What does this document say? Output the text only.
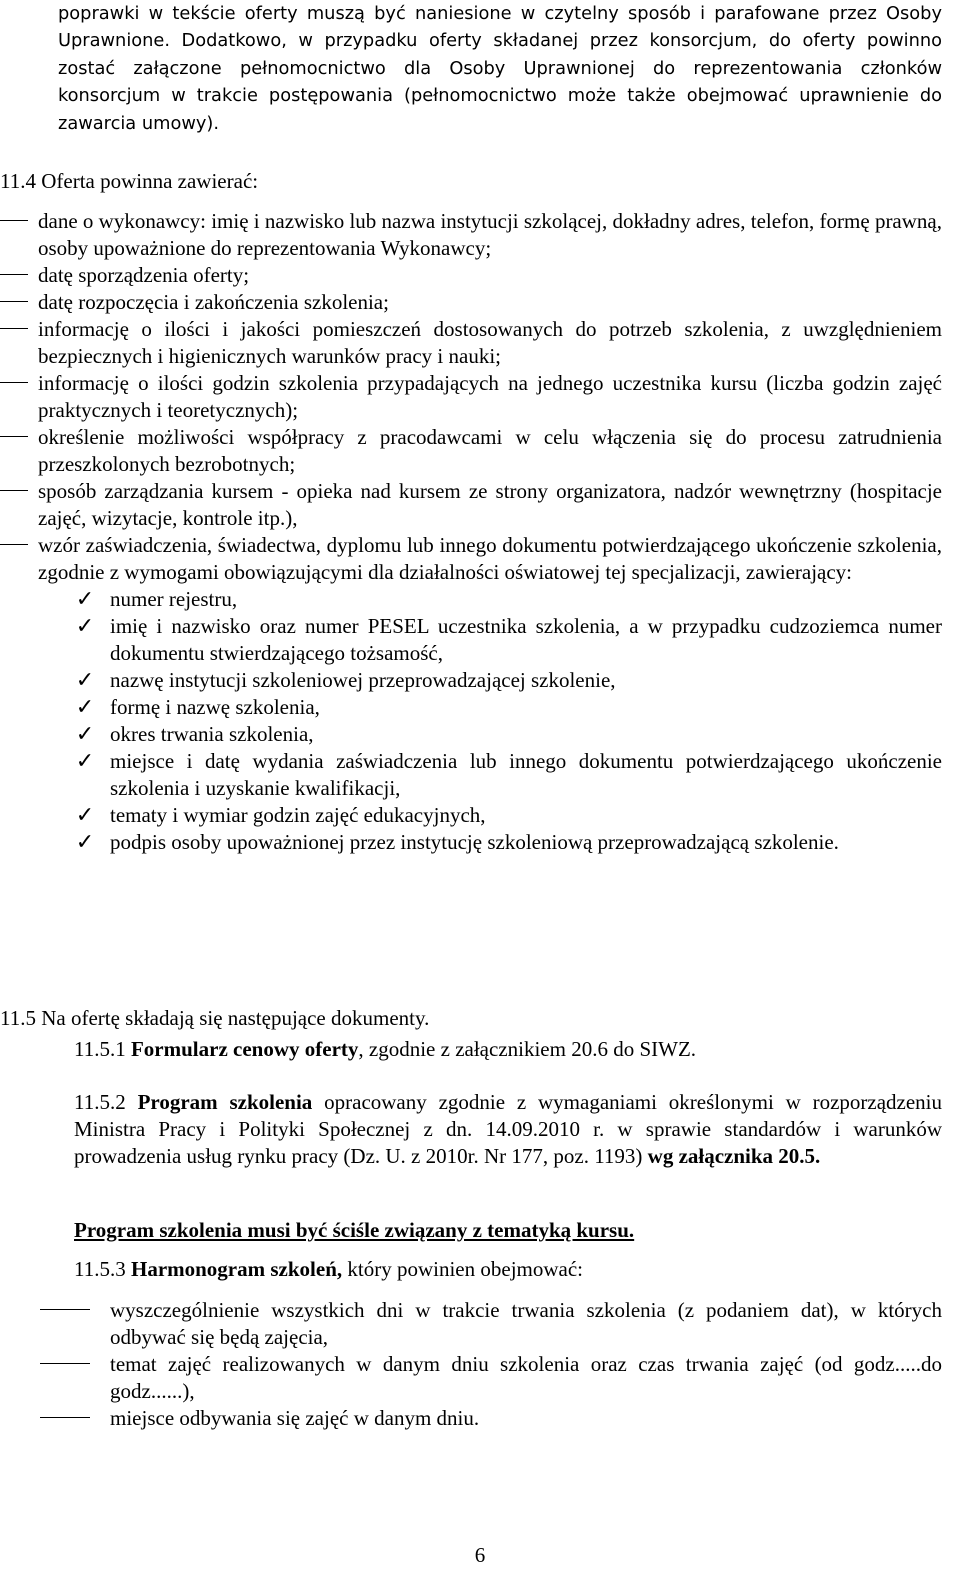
poprawki w tekście oferty muszą być naniesione w czytelny sposób i parafowane przez Osoby Uprawnione. Dodatkowo, w przypadku oferty składanej przez konsorcjum, do oferty powinno zostać załączone pełnomocnictwo dla Osoby Uprawnionej do reprezentowania członków konsorcjum w trakcie postępowania (pełnomocnictwo może także obejmować uprawnienie do zawarcia umowy).

11.4 Oferta powinna zawierać:

dane o wykonawcy: imię i nazwisko lub nazwa instytucji szkolącej, dokładny adres, telefon, formę prawną, osoby upoważnione do reprezentowania Wykonawcy;
datę sporządzenia oferty;
datę rozpoczęcia i zakończenia szkolenia;
informację o ilości i jakości pomieszczeń dostosowanych do potrzeb szkolenia, z uwzględnieniem bezpiecznych i higienicznych warunków pracy i nauki;
informację o ilości godzin szkolenia przypadających na jednego uczestnika kursu (liczba godzin zajęć praktycznych i teoretycznych);
określenie możliwości współpracy z pracodawcami w celu włączenia się do procesu zatrudnienia przeszkolonych bezrobotnych;
sposób zarządzania kursem - opieka nad kursem ze strony organizatora, nadzór wewnętrzny (hospitacje zajęć, wizytacje, kontrole itp.),
wzór zaświadczenia, świadectwa, dyplomu lub innego dokumentu potwierdzającego ukończenie szkolenia, zgodnie z wymogami obowiązującymi dla działalności oświatowej tej specjalizacji, zawierający:
✓ numer rejestru,
✓ imię i nazwisko oraz numer PESEL uczestnika szkolenia, a w przypadku cudzoziemca numer dokumentu stwierdzającego tożsamość,
✓ nazwę instytucji szkoleniowej przeprowadzającej szkolenie,
✓ formę i nazwę szkolenia,
✓ okres trwania szkolenia,
✓ miejsce i datę wydania zaświadczenia lub innego dokumentu potwierdzającego ukończenie szkolenia i uzyskanie kwalifikacji,
✓ tematy i wymiar godzin zajęć edukacyjnych,
✓ podpis osoby upoważnionej przez instytucję szkoleniową przeprowadzającą szkolenie.

11.5 Na ofertę składają się następujące dokumenty.

11.5.1 Formularz cenowy oferty, zgodnie z załącznikiem 20.6 do SIWZ.

11.5.2 Program szkolenia opracowany zgodnie z wymaganiami określonymi w rozporządzeniu Ministra Pracy i Polityki Społecznej z dn. 14.09.2010 r. w sprawie standardów i warunków prowadzenia usług rynku pracy (Dz. U. z 2010r. Nr 177, poz. 1193) wg załącznika 20.5.

Program szkolenia musi być ściśle związany z tematyką kursu.

11.5.3 Harmonogram szkoleń, który powinien obejmować:

wyszczególnienie wszystkich dni w trakcie trwania szkolenia (z podaniem dat), w których odbywać się będą zajęcia,
temat zajęć realizowanych w danym dniu szkolenia oraz czas trwania zajęć (od godz.....do godz......),
miejsce odbywania się zajęć w danym dniu.
6
